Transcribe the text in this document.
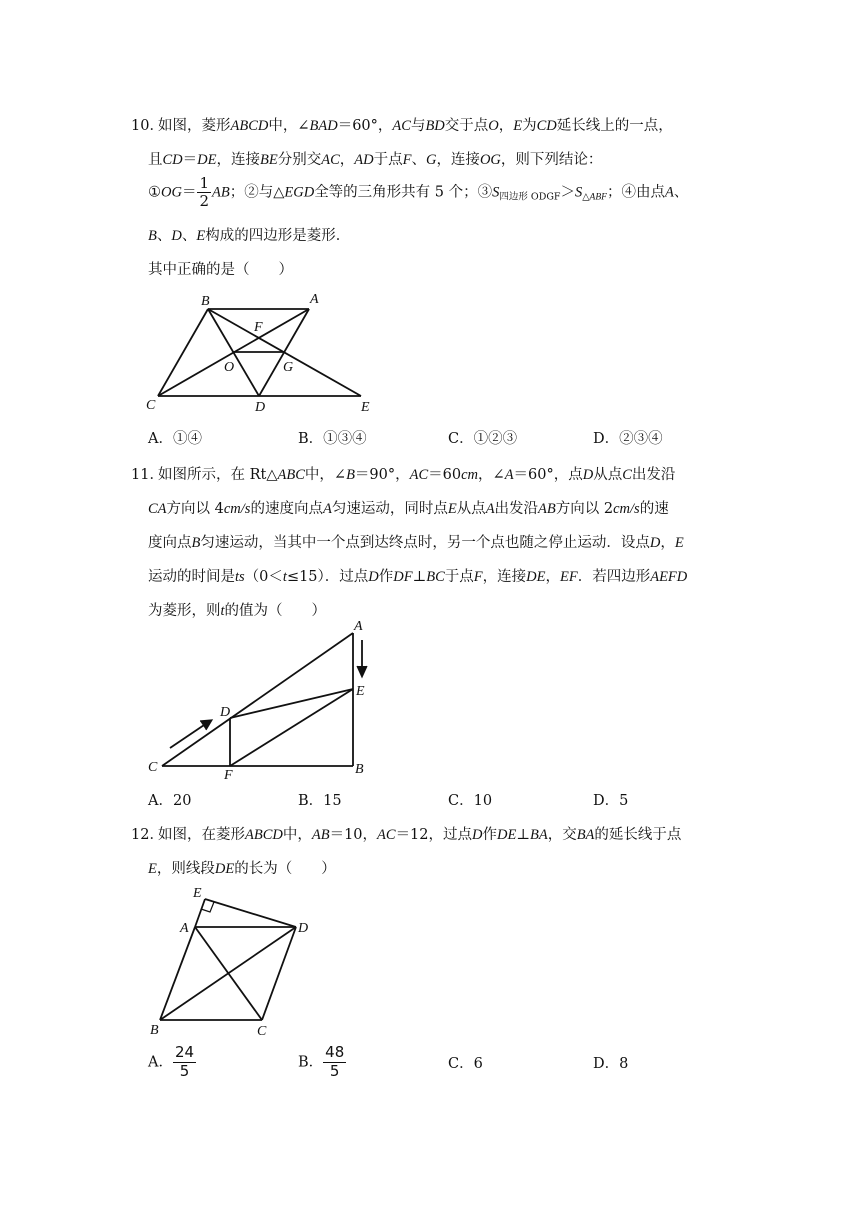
10．
如图，菱形ABCD中，∠BAD＝60°，AC与BD交于点O，E为CD延长线上的一点，
且CD＝DE，连接BE分别交AC，AD于点F、G，连接OG，则下列结论：
①OG＝ $\frac{1}{2}$ AB；②与△EGD全等的三角形共有 5 个；$③S_{四边形 ODGF}>S_{\triangle ABF}$；④由点A、
B、D、E构成的四边形是菱形．
其中正确的是（　　）
B	A
F
O	G
C	D	E
A．①④	B．①③④	C．①②③	D．②③④
11．
如图所示，在 Rt△ABC中，∠B＝90°，AC＝60cm，∠A＝60°，点D从点C出发沿
CA方向以 4cm/s的速度向点A匀速运动，同时点E从点A出发沿AB方向以 2cm/s的速
度向点B匀速运动，当其中一个点到达终点时，另一个点也随之停止运动．设点D，E
运动的时间是ts（0＜t≤15）．过点D作DF⊥BC于点F，连接DE，EF．若四边形AEFD
为菱形，则t的值为（　　）
A
E
D
C
F	B
A．20	B．15	C．10	D．5
12．
如图，在菱形ABCD中，AB＝10，AC＝12，过点D作DE⊥BA，交BA的延长线于点
E，则线段DE的长为（　　）
E
A	D
B	C
A． $\frac{24}{5}$	B． $\frac{48}{5}$	C．6	D．8
